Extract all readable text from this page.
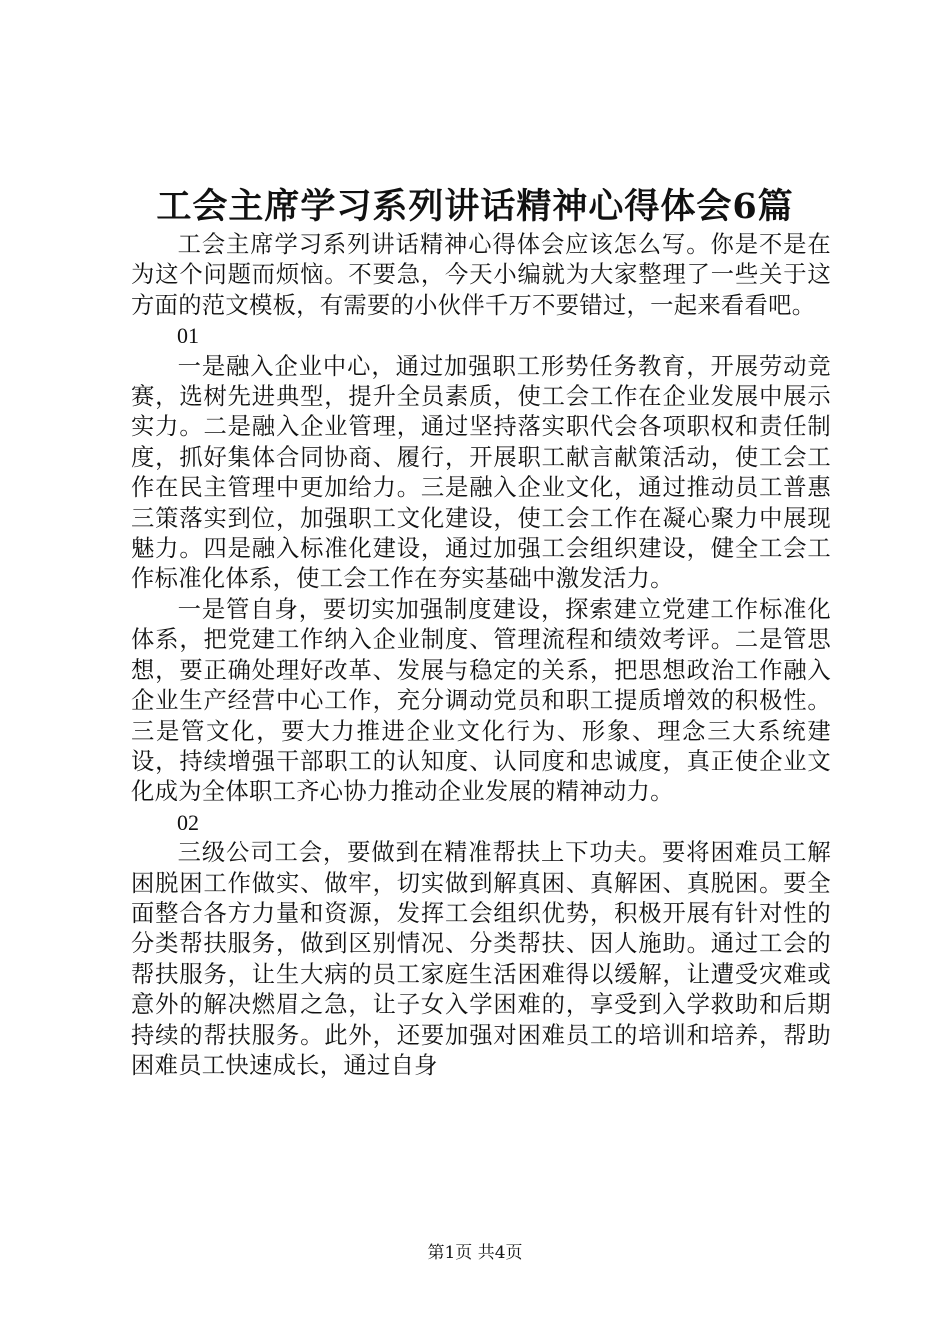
工会主席学习系列讲话精神心得体会6篇

工会主席学习系列讲话精神心得体会应该怎么写。你是不是在为这个问题而烦恼。不要急，今天小编就为大家整理了一些关于这方面的范文模板，有需要的小伙伴千万不要错过，一起来看看吧。

01

一是融入企业中心，通过加强职工形势任务教育，开展劳动竞赛，选树先进典型，提升全员素质，使工会工作在企业发展中展示实力。二是融入企业管理，通过坚持落实职代会各项职权和责任制度，抓好集体合同协商、履行，开展职工献言献策活动，使工会工作在民主管理中更加给力。三是融入企业文化，通过推动员工普惠三策落实到位，加强职工文化建设，使工会工作在凝心聚力中展现魅力。四是融入标准化建设，通过加强工会组织建设，健全工会工作标准化体系，使工会工作在夯实基础中激发活力。

一是管自身，要切实加强制度建设，探索建立党建工作标准化体系，把党建工作纳入企业制度、管理流程和绩效考评。二是管思想，要正确处理好改革、发展与稳定的关系，把思想政治工作融入企业生产经营中心工作，充分调动党员和职工提质增效的积极性。三是管文化，要大力推进企业文化行为、形象、理念三大系统建设，持续增强干部职工的认知度、认同度和忠诚度，真正使企业文化成为全体职工齐心协力推动企业发展的精神动力。

02

三级公司工会，要做到在精准帮扶上下功夫。要将困难员工解困脱困工作做实、做牢，切实做到解真困、真解困、真脱困。要全面整合各方力量和资源，发挥工会组织优势，积极开展有针对性的分类帮扶服务，做到区别情况、分类帮扶、因人施助。通过工会的帮扶服务，让生大病的员工家庭生活困难得以缓解，让遭受灾难或意外的解决燃眉之急，让子女入学困难的，享受到入学救助和后期持续的帮扶服务。此外，还要加强对困难员工的培训和培养，帮助困难员工快速成长，通过自身

第1页 共4页
